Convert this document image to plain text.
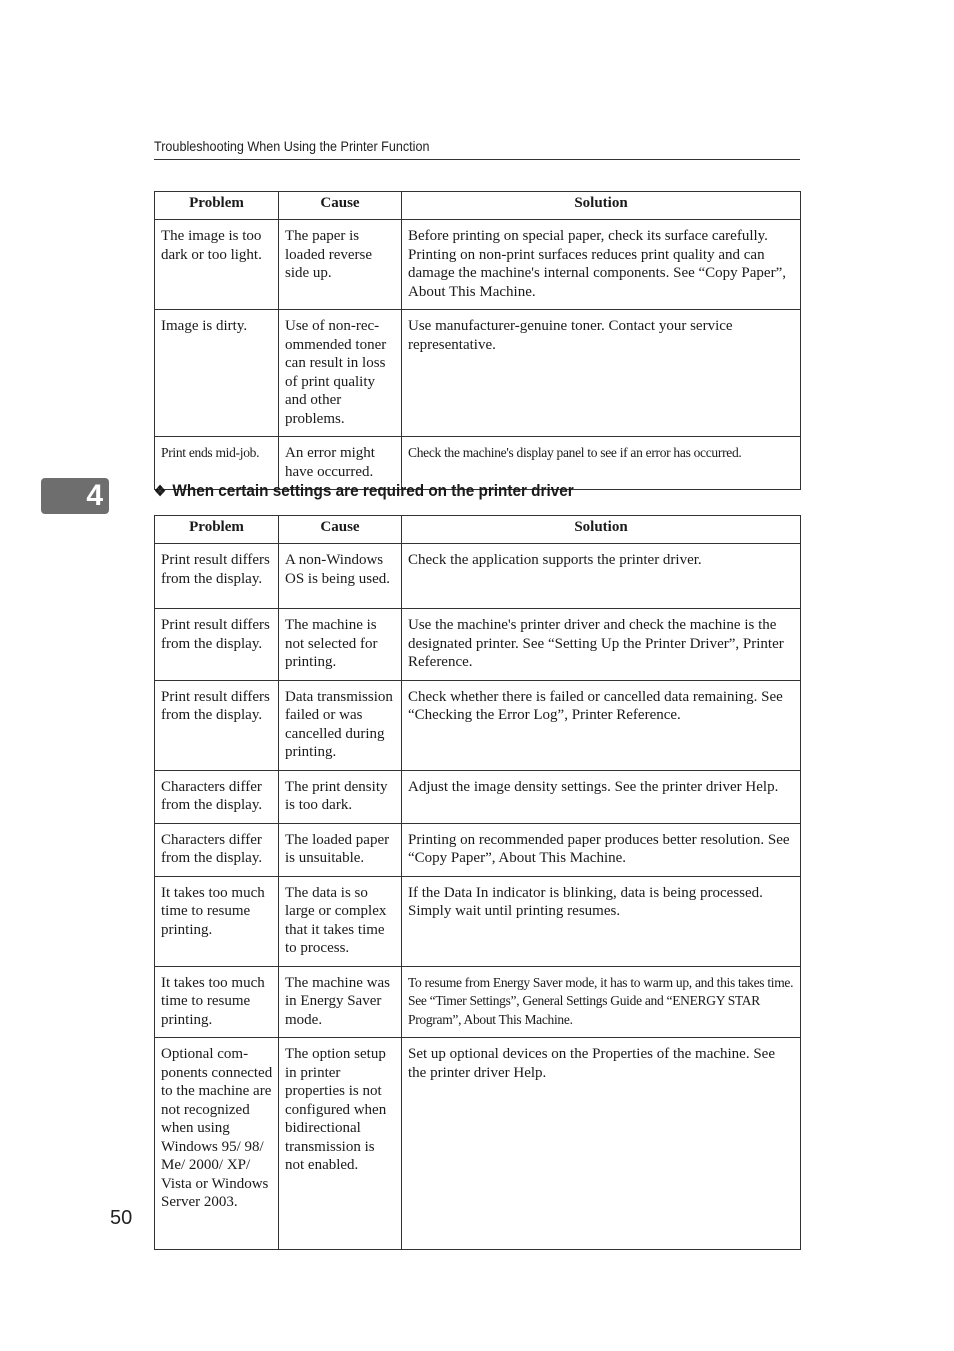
Troubleshooting When Using the Printer Function
Problem	Cause	Solution
The image is too dark or too light.	The paper is loaded reverse side up.	Before printing on special paper, check its surface carefully. Printing on non-print surfaces reduces print quality and can damage the machine's internal components. See “Copy Paper”, About This Machine.
Image is dirty.	Use of non-recommended toner can result in loss of print quality and other problems.	Use manufacturer-genuine toner. Contact your service representative.
Print ends mid-job.	An error might have occurred.	Check the machine's display panel to see if an error has occurred.
4	❖ When certain settings are required on the printer driver
Problem	Cause	Solution
Print result differs from the display.	A non-Windows OS is being used.	Check the application supports the printer driver.
Print result differs from the display.	The machine is not selected for printing.	Use the machine's printer driver and check the machine is the designated printer. See “Setting Up the Printer Driver”, Printer Reference.
Print result differs from the display.	Data transmission failed or was cancelled during printing.	Check whether there is failed or cancelled data remaining. See “Checking the Error Log”, Printer Reference.
Characters differ from the display.	The print density is too dark.	Adjust the image density settings. See the printer driver Help.
Characters differ from the display.	The loaded paper is unsuitable.	Printing on recommended paper produces better resolution. See “Copy Paper”, About This Machine.
It takes too much time to resume printing.	The data is so large or complex that it takes time to process.	If the Data In indicator is blinking, data is being processed. Simply wait until printing resumes.
It takes too much time to resume printing.	The machine was in Energy Saver mode.	To resume from Energy Saver mode, it has to warm up, and this takes time. See “Timer Settings”, General Settings Guide and “ENERGY STAR Program”, About This Machine.
Optional components connected to the machine are not recognized when using Windows 95/ 98/ Me/ 2000/ XP/ Vista or Windows Server 2003.	The option setup in printer properties is not configured when bidirectional transmission is not enabled.	Set up optional devices on the Properties of the machine. See the printer driver Help.
50
